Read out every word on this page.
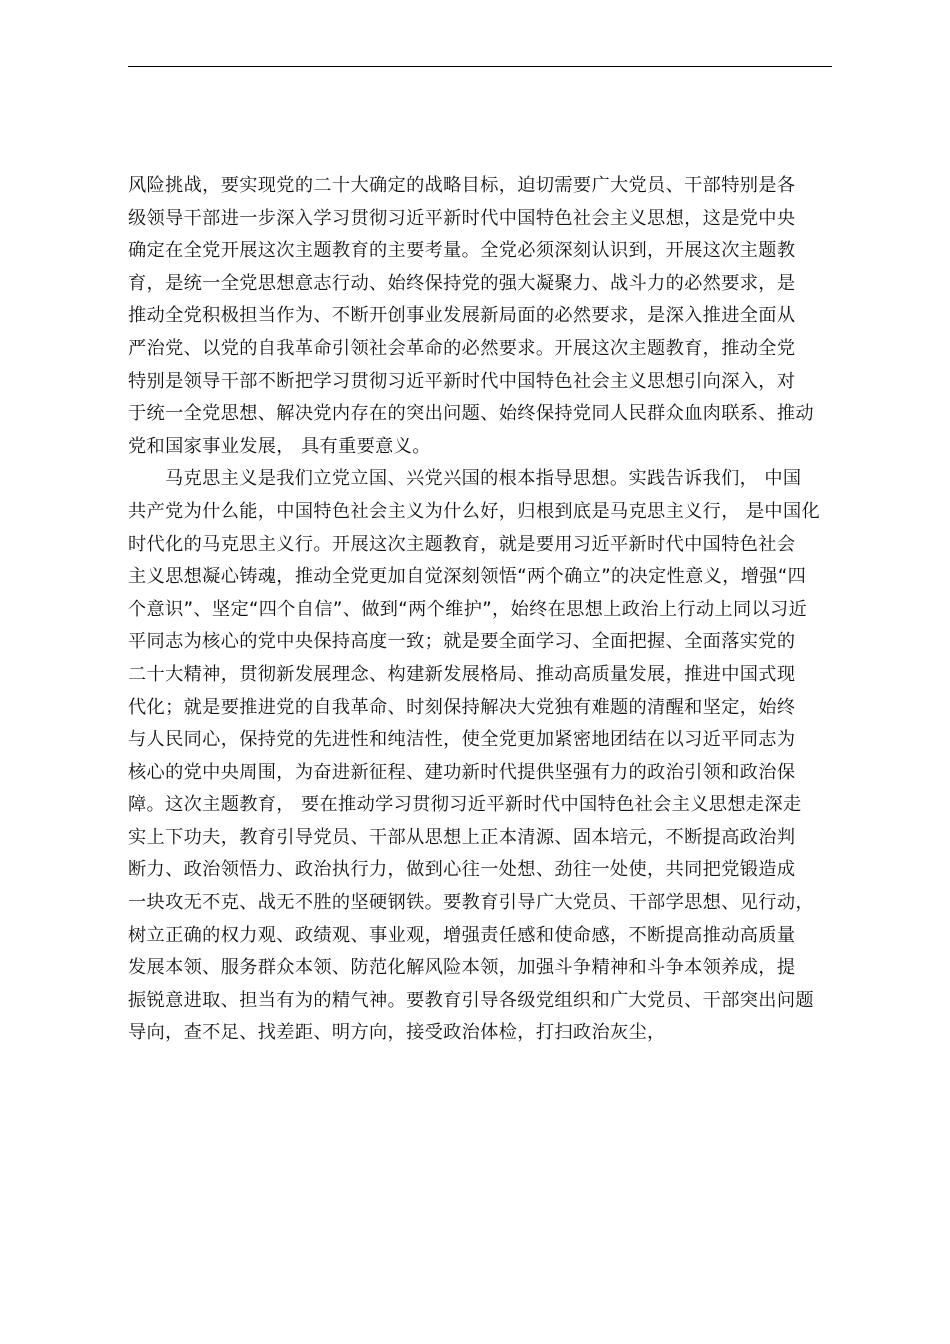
风险挑战，要实现党的二十大确定的战略目标，迫切需要广大党员、干部特别是各
级领导干部进一步深入学习贯彻习近平新时代中国特色社会主义思想，这是党中央
确定在全党开展这次主题教育的主要考量。全党必须深刻认识到，开展这次主题教
育，是统一全党思想意志行动、始终保持党的强大凝聚力、战斗力的必然要求，是
推动全党积极担当作为、不断开创事业发展新局面的必然要求，是深入推进全面从
严治党、以党的自我革命引领社会革命的必然要求。开展这次主题教育，推动全党
特别是领导干部不断把学习贯彻习近平新时代中国特色社会主义思想引向深入，对
于统一全党思想、解决党内存在的突出问题、始终保持党同人民群众血肉联系、推动
党和国家事业发展， 具有重要意义。
马克思主义是我们立党立国、兴党兴国的根本指导思想。实践告诉我们， 中国
共产党为什么能，中国特色社会主义为什么好，归根到底是马克思主义行， 是中国化
时代化的马克思主义行。开展这次主题教育，就是要用习近平新时代中国特色社会
主义思想凝心铸魂，推动全党更加自觉深刻领悟“两个确立”的决定性意义，增强“四
个意识”、坚定“四个自信”、做到“两个维护”，始终在思想上政治上行动上同以习近
平同志为核心的党中央保持高度一致；就是要全面学习、全面把握、全面落实党的
二十大精神，贯彻新发展理念、构建新发展格局、推动高质量发展，推进中国式现
代化；就是要推进党的自我革命、时刻保持解决大党独有难题的清醒和坚定，始终
与人民同心，保持党的先进性和纯洁性，使全党更加紧密地团结在以习近平同志为
核心的党中央周围，为奋进新征程、建功新时代提供坚强有力的政治引领和政治保
障。这次主题教育， 要在推动学习贯彻习近平新时代中国特色社会主义思想走深走
实上下功夫，教育引导党员、干部从思想上正本清源、固本培元，不断提高政治判
断力、政治领悟力、政治执行力，做到心往一处想、劲往一处使，共同把党锻造成
一块攻无不克、战无不胜的坚硬钢铁。要教育引导广大党员、干部学思想、见行动，
树立正确的权力观、政绩观、事业观，增强责任感和使命感，不断提高推动高质量
发展本领、服务群众本领、防范化解风险本领，加强斗争精神和斗争本领养成，提
振锐意进取、担当有为的精气神。要教育引导各级党组织和广大党员、干部突出问题
导向，查不足、找差距、明方向，接受政治体检，打扫政治灰尘，
